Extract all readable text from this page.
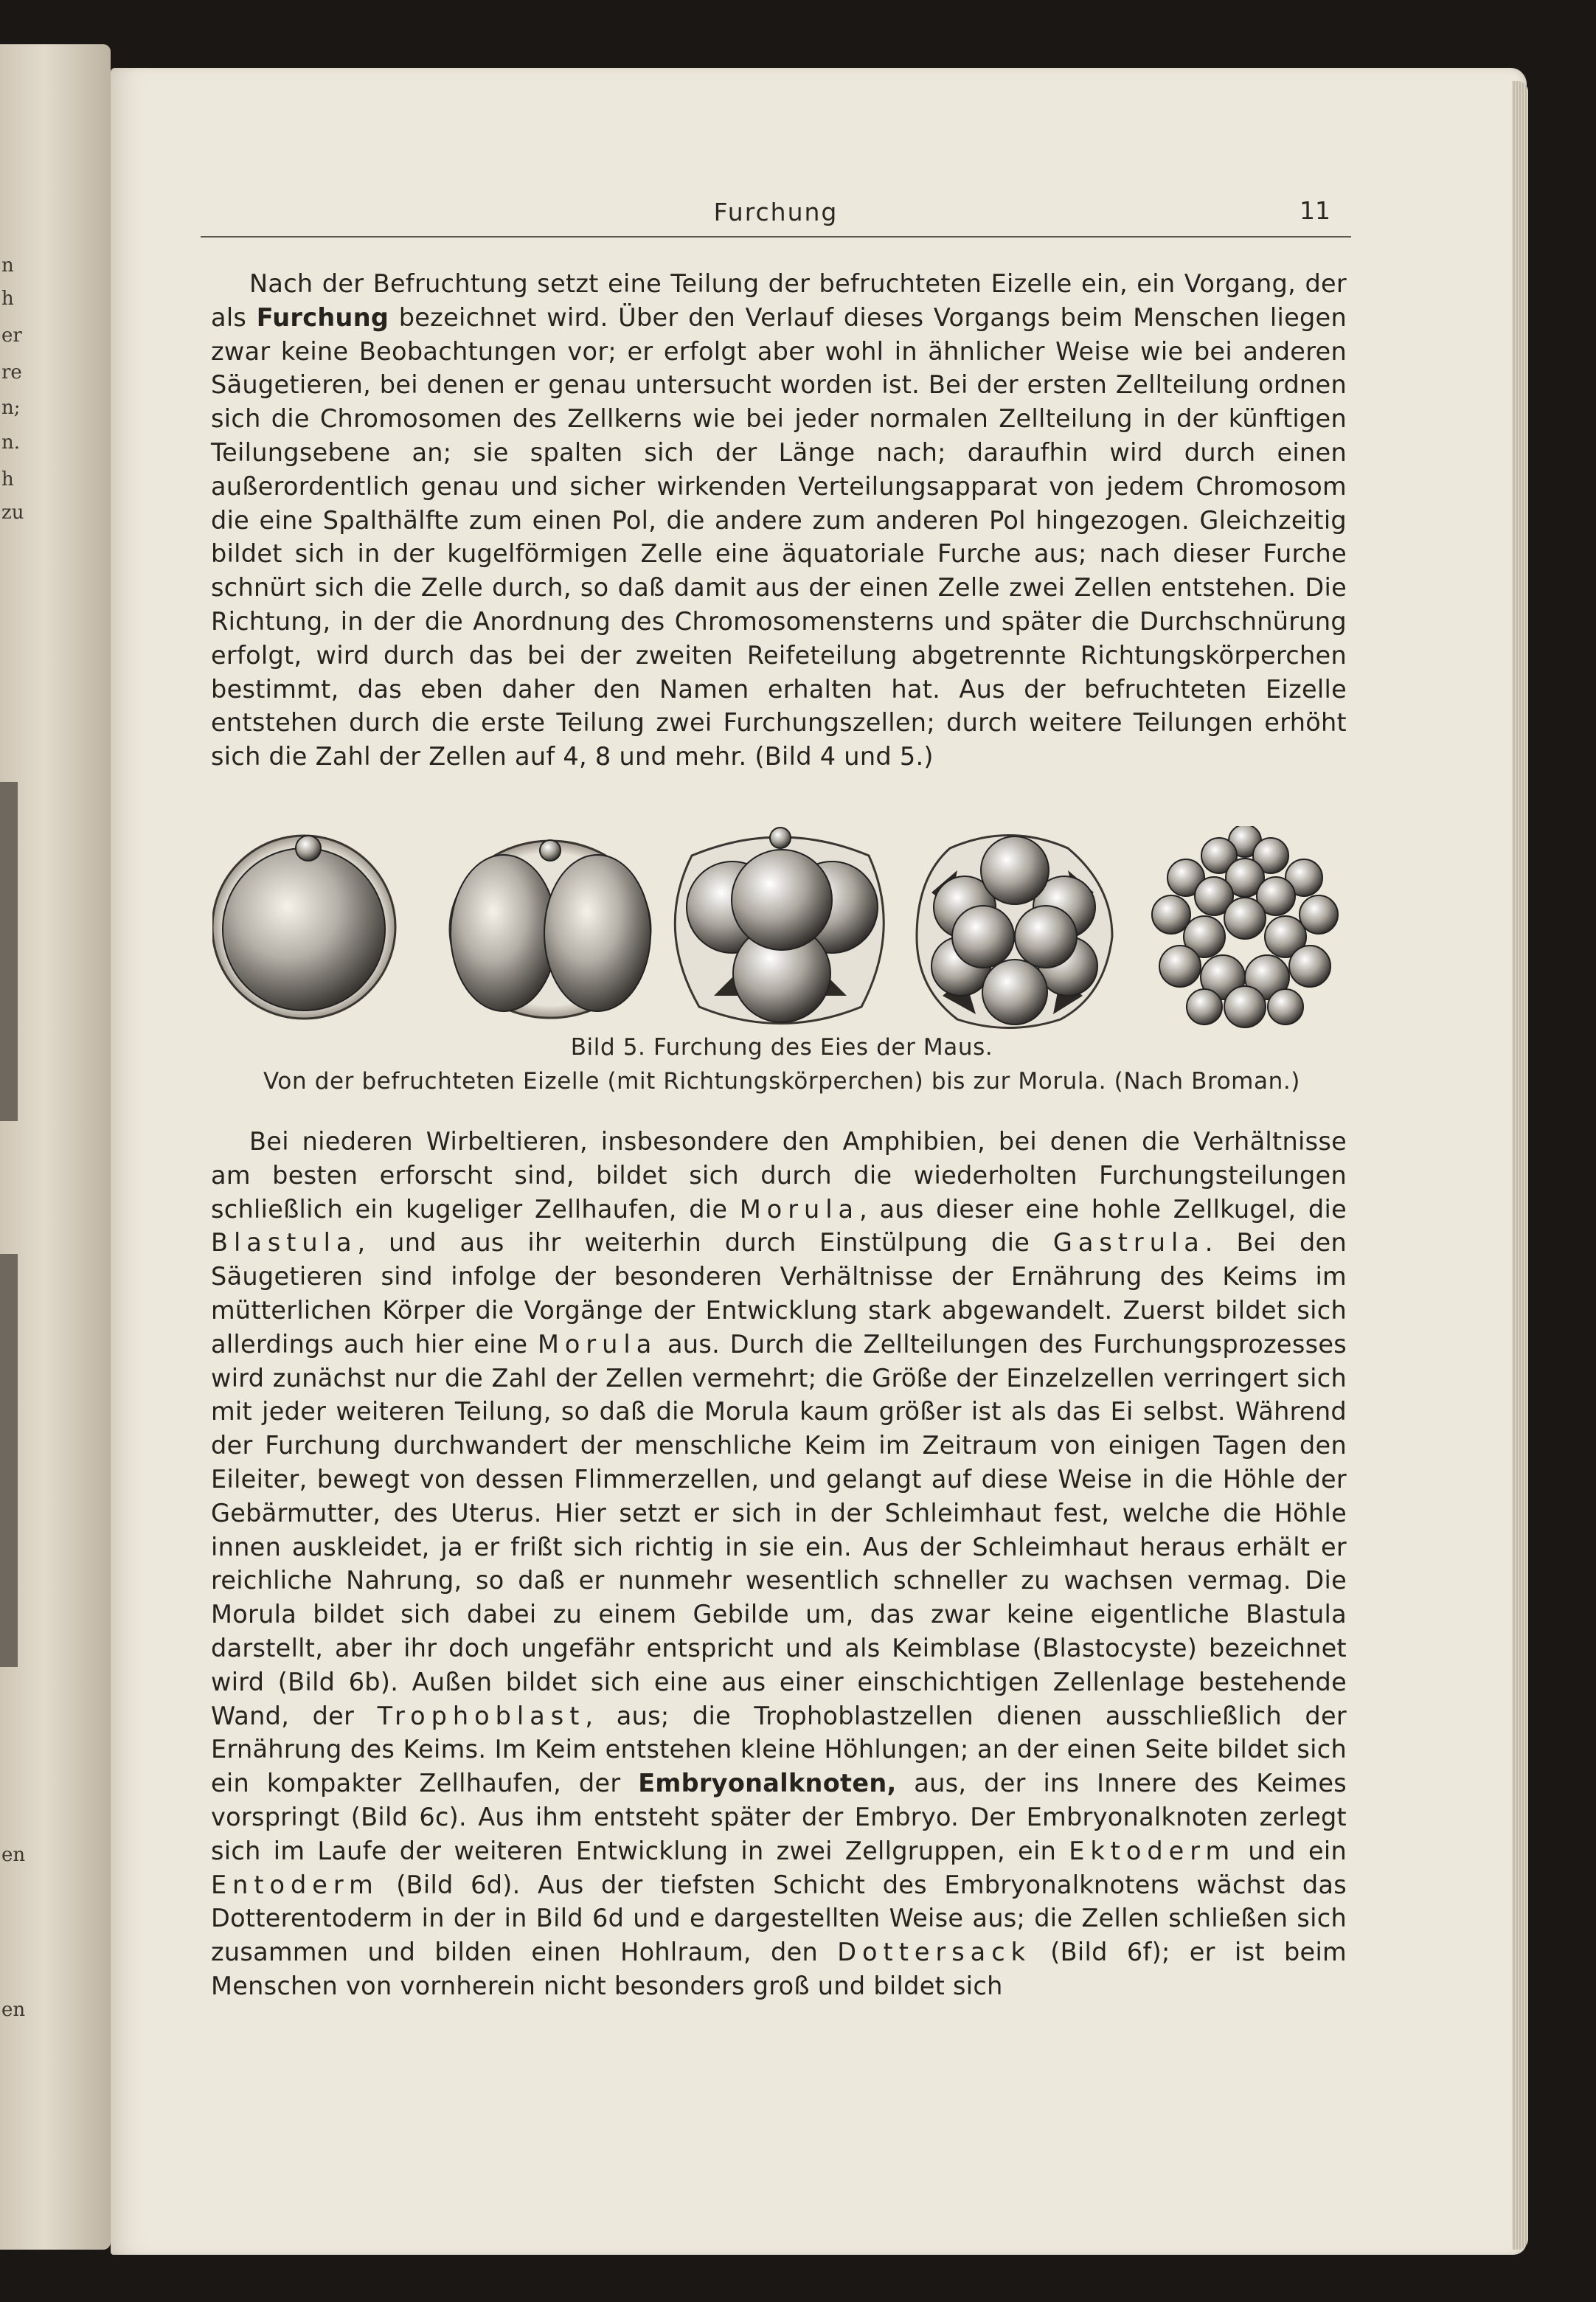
n
h
er
re
n;
n.
h
zu
en
en
Furchung	11

Nach der Befruchtung setzt eine Teilung der befruchteten Eizelle ein, ein Vorgang, der als Furchung bezeichnet wird. Über den Verlauf dieses Vorgangs beim Menschen liegen zwar keine Beobachtungen vor; er erfolgt aber wohl in ähnlicher Weise wie bei anderen Säugetieren, bei denen er genau untersucht worden ist. Bei der ersten Zellteilung ordnen sich die Chromosomen des Zellkerns wie bei jeder normalen Zellteilung in der künftigen Teilungsebene an; sie spalten sich der Länge nach; daraufhin wird durch einen außerordentlich genau und sicher wirkenden Verteilungsapparat von jedem Chromosom die eine Spalthälfte zum einen Pol, die andere zum anderen Pol hingezogen. Gleichzeitig bildet sich in der kugelförmigen Zelle eine äquatoriale Furche aus; nach dieser Furche schnürt sich die Zelle durch, so daß damit aus der einen Zelle zwei Zellen entstehen. Die Richtung, in der die Anordnung des Chromosomensterns und später die Durchschnürung erfolgt, wird durch das bei der zweiten Reifeteilung abgetrennte Richtungskörperchen bestimmt, das eben daher den Namen erhalten hat. Aus der befruchteten Eizelle entstehen durch die erste Teilung zwei Furchungszellen; durch weitere Teilungen erhöht sich die Zahl der Zellen auf 4, 8 und mehr. (Bild 4 und 5.)

Bild 5. Furchung des Eies der Maus.

Von der befruchteten Eizelle (mit Richtungskörperchen) bis zur Morula. (Nach Broman.)

Bei niederen Wirbeltieren, insbesondere den Amphibien, bei denen die Verhältnisse am besten erforscht sind, bildet sich durch die wiederholten Furchungsteilungen schließlich ein kugeliger Zellhaufen, die Morula, aus dieser eine hohle Zellkugel, die Blastula, und aus ihr weiterhin durch Einstülpung die Gastrula. Bei den Säugetieren sind infolge der besonderen Verhältnisse der Ernährung des Keims im mütterlichen Körper die Vorgänge der Entwicklung stark abgewandelt. Zuerst bildet sich allerdings auch hier eine Morula aus. Durch die Zellteilungen des Furchungsprozesses wird zunächst nur die Zahl der Zellen vermehrt; die Größe der Einzelzellen verringert sich mit jeder weiteren Teilung, so daß die Morula kaum größer ist als das Ei selbst. Während der Furchung durchwandert der menschliche Keim im Zeitraum von einigen Tagen den Eileiter, bewegt von dessen Flimmerzellen, und gelangt auf diese Weise in die Höhle der Gebärmutter, des Uterus. Hier setzt er sich in der Schleimhaut fest, welche die Höhle innen auskleidet, ja er frißt sich richtig in sie ein. Aus der Schleimhaut heraus erhält er reichliche Nahrung, so daß er nunmehr wesentlich schneller zu wachsen vermag. Die Morula bildet sich dabei zu einem Gebilde um, das zwar keine eigentliche Blastula darstellt, aber ihr doch ungefähr entspricht und als Keimblase (Blastocyste) bezeichnet wird (Bild 6b). Außen bildet sich eine aus einer einschichtigen Zellenlage bestehende Wand, der Trophoblast, aus; die Trophoblastzellen dienen ausschließlich der Ernährung des Keims. Im Keim entstehen kleine Höhlungen; an der einen Seite bildet sich ein kompakter Zellhaufen, der Embryonalknoten, aus, der ins Innere des Keimes vorspringt (Bild 6c). Aus ihm entsteht später der Embryo. Der Embryonalknoten zerlegt sich im Laufe der weiteren Entwicklung in zwei Zellgruppen, ein Ektoderm und ein Entoderm (Bild 6d). Aus der tiefsten Schicht des Embryonalknotens wächst das Dotterentoderm in der in Bild 6d und e dargestellten Weise aus; die Zellen schließen sich zusammen und bilden einen Hohlraum, den Dottersack (Bild 6f); er ist beim Menschen von vornherein nicht besonders groß und bildet sich
